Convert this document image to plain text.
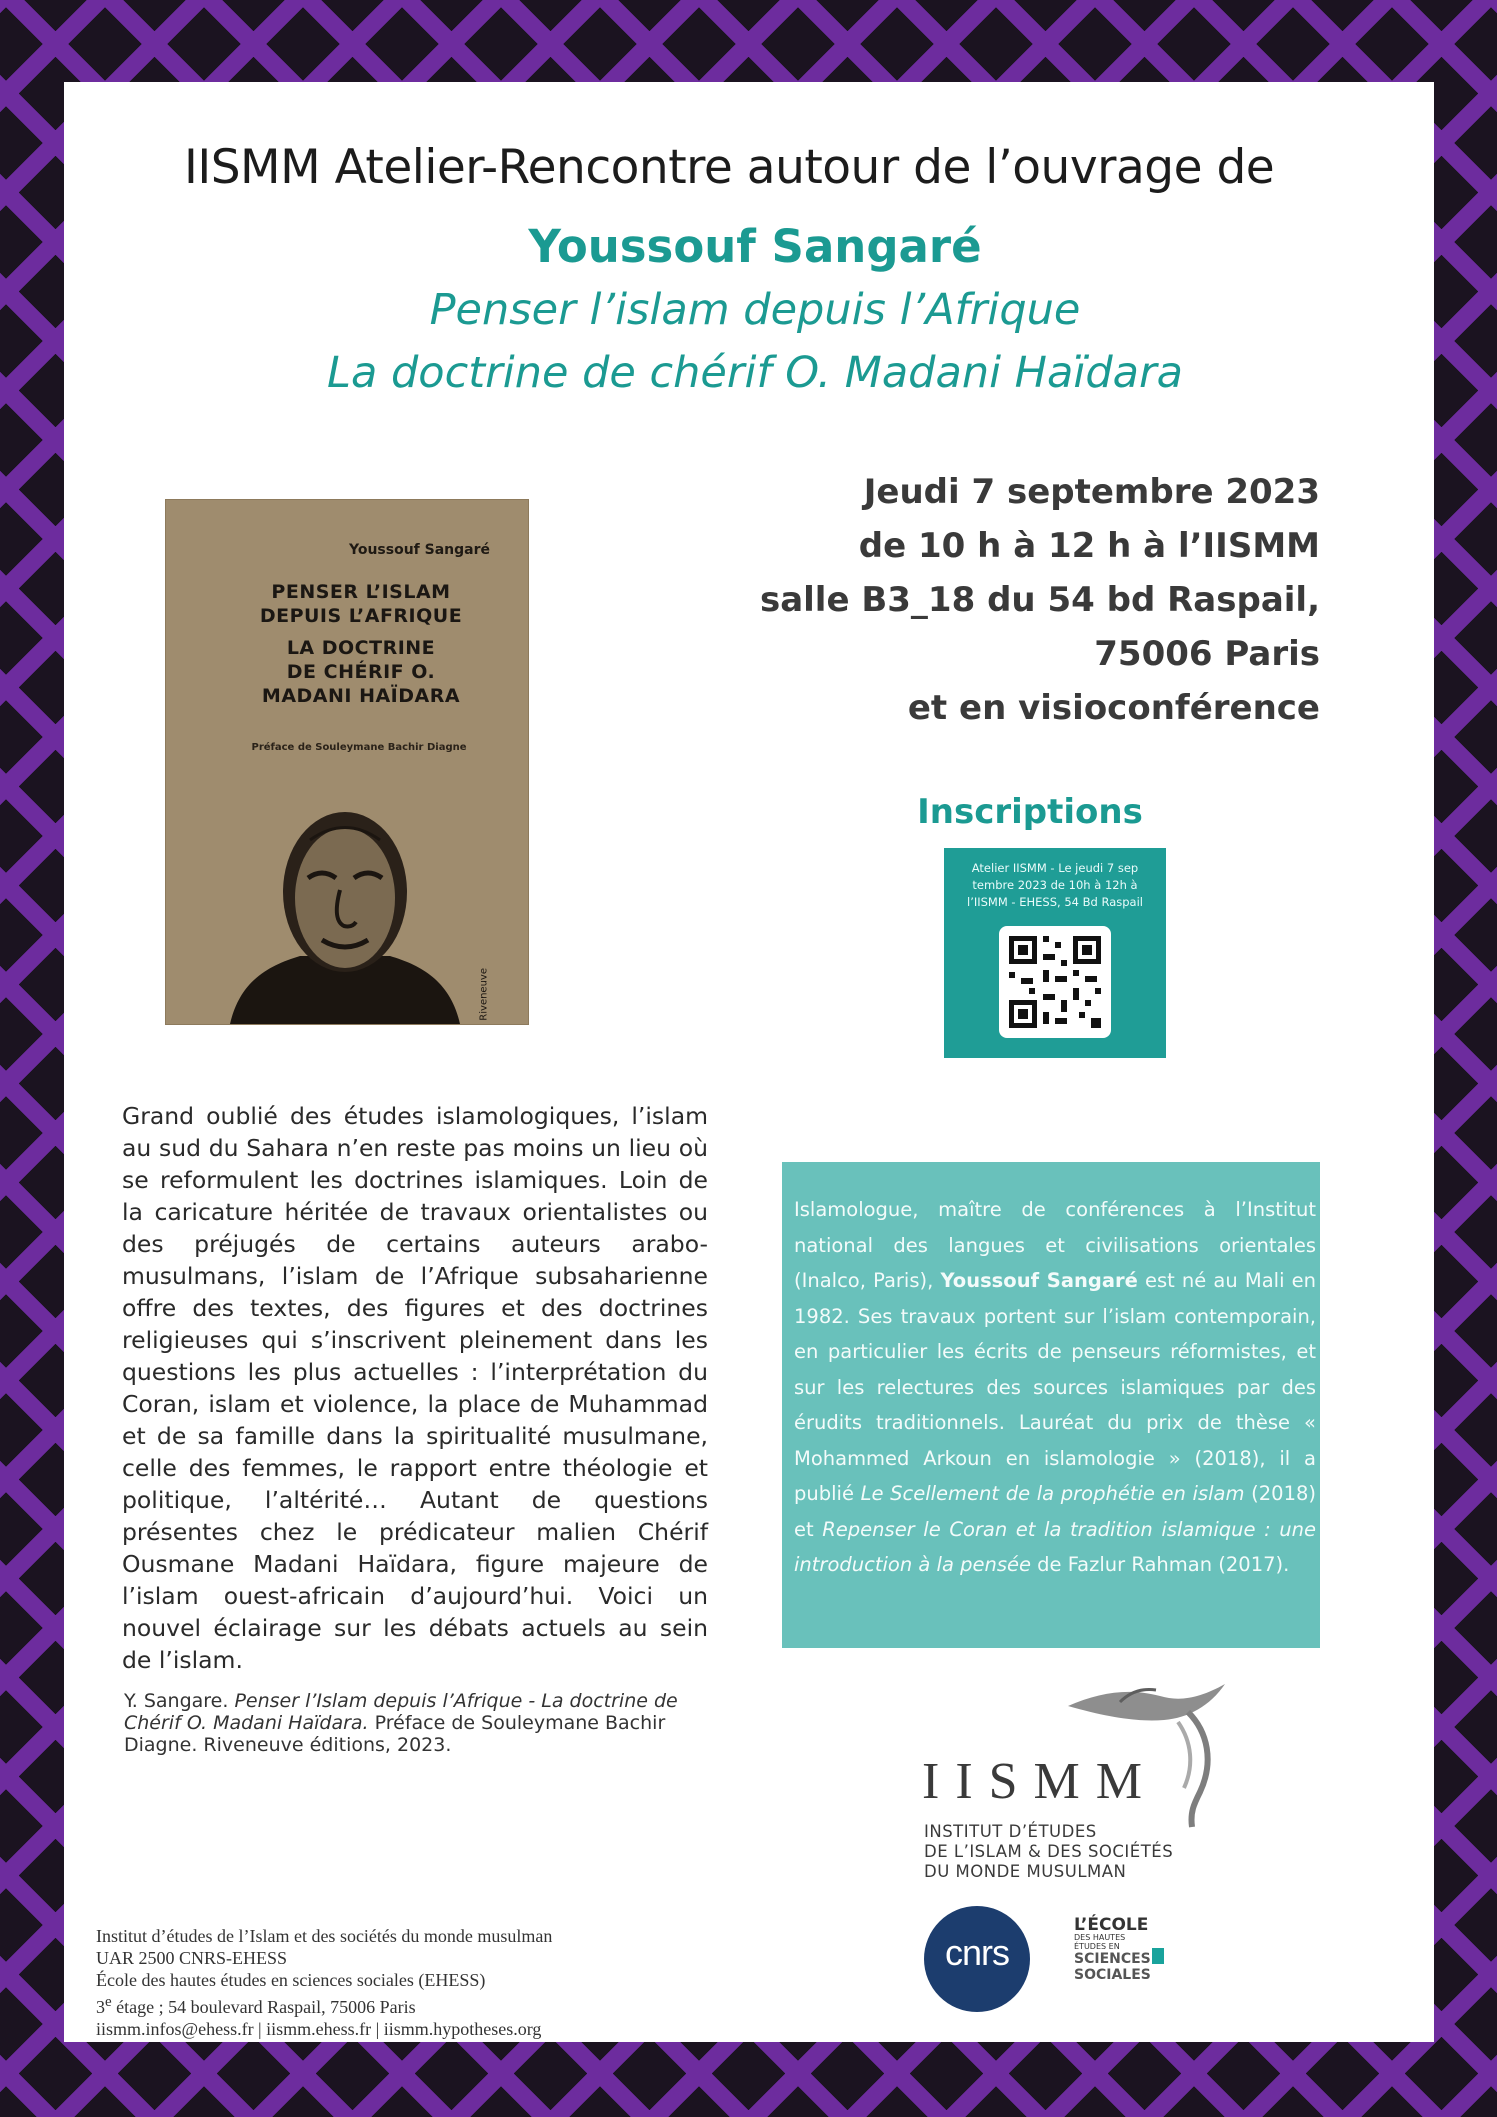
IISMM Atelier-Rencontre autour de l’ouvrage de
Youssouf Sangaré
Penser l’islam depuis l’Afrique
La doctrine de chérif O. Madani Haïdara
Jeudi 7 septembre 2023
de 10 h à 12 h à l’IISMM
salle B3_18 du 54 bd Raspail,
75006 Paris
et en visioconférence
Inscriptions
Atelier IISMM - Le jeudi 7 sep tembre 2023 de 10h à 12h à l’IISMM - EHESS, 54 Bd Raspail
Youssouf Sangaré
PENSER L’ISLAM
DEPUIS L’AFRIQUE
LA DOCTRINE
DE CHÉRIF O.
MADANI HAÏDARA
Préface de Souleymane Bachir Diagne
Riveneuve
Grand oublié des études islamologiques, l’islam au sud du Sahara n’en reste pas moins un lieu où se reformulent les doctrines islamiques. Loin de la caricature héritée de travaux orientalistes ou des préjugés de certains auteurs arabo-musulmans, l’islam de l’Afrique subsaharienne offre des textes, des figures et des doctrines religieuses qui s’inscrivent pleinement dans les questions les plus actuelles : l’interprétation du Coran, islam et violence, la place de Muhammad et de sa famille dans la spiritualité musulmane, celle des femmes, le rapport entre théologie et politique, l’altérité… Autant de questions présentes chez le prédicateur malien Chérif Ousmane Madani Haïdara, figure majeure de l’islam ouest-africain d’aujourd’hui. Voici un nouvel éclairage sur les débats actuels au sein de l’islam.
Y. Sangare. Penser l’Islam depuis l’Afrique - La doctrine de Chérif O. Madani Haïdara. Préface de Souleymane Bachir Diagne. Riveneuve éditions, 2023.
Islamologue, maître de conférences à l’Institut national des langues et civilisations orientales (Inalco, Paris), Youssouf Sangaré est né au Mali en 1982. Ses travaux portent sur l’islam contemporain, en particulier les écrits de penseurs réformistes, et sur les relectures des sources islamiques par des érudits traditionnels. Lauréat du prix de thèse « Mohammed Arkoun en islamologie » (2018), il a publié Le Scellement de la prophétie en islam (2018) et Repenser le Coran et la tradition islamique : une introduction à la pensée de Fazlur Rahman (2017).
IISMM
INSTITUT D’ÉTUDES
DE L’ISLAM & DES SOCIÉTÉS
DU MONDE MUSULMAN
cnrs
L’ÉCOLE
DES HAUTES
ÉTUDES EN
SCIENCES
SOCIALES
Institut d’études de l’Islam et des sociétés du monde musulman
UAR 2500 CNRS-EHESS
École des hautes études en sciences sociales (EHESS)
3e étage ; 54 boulevard Raspail, 75006 Paris
iismm.infos@ehess.fr | iismm.ehess.fr | iismm.hypotheses.org
